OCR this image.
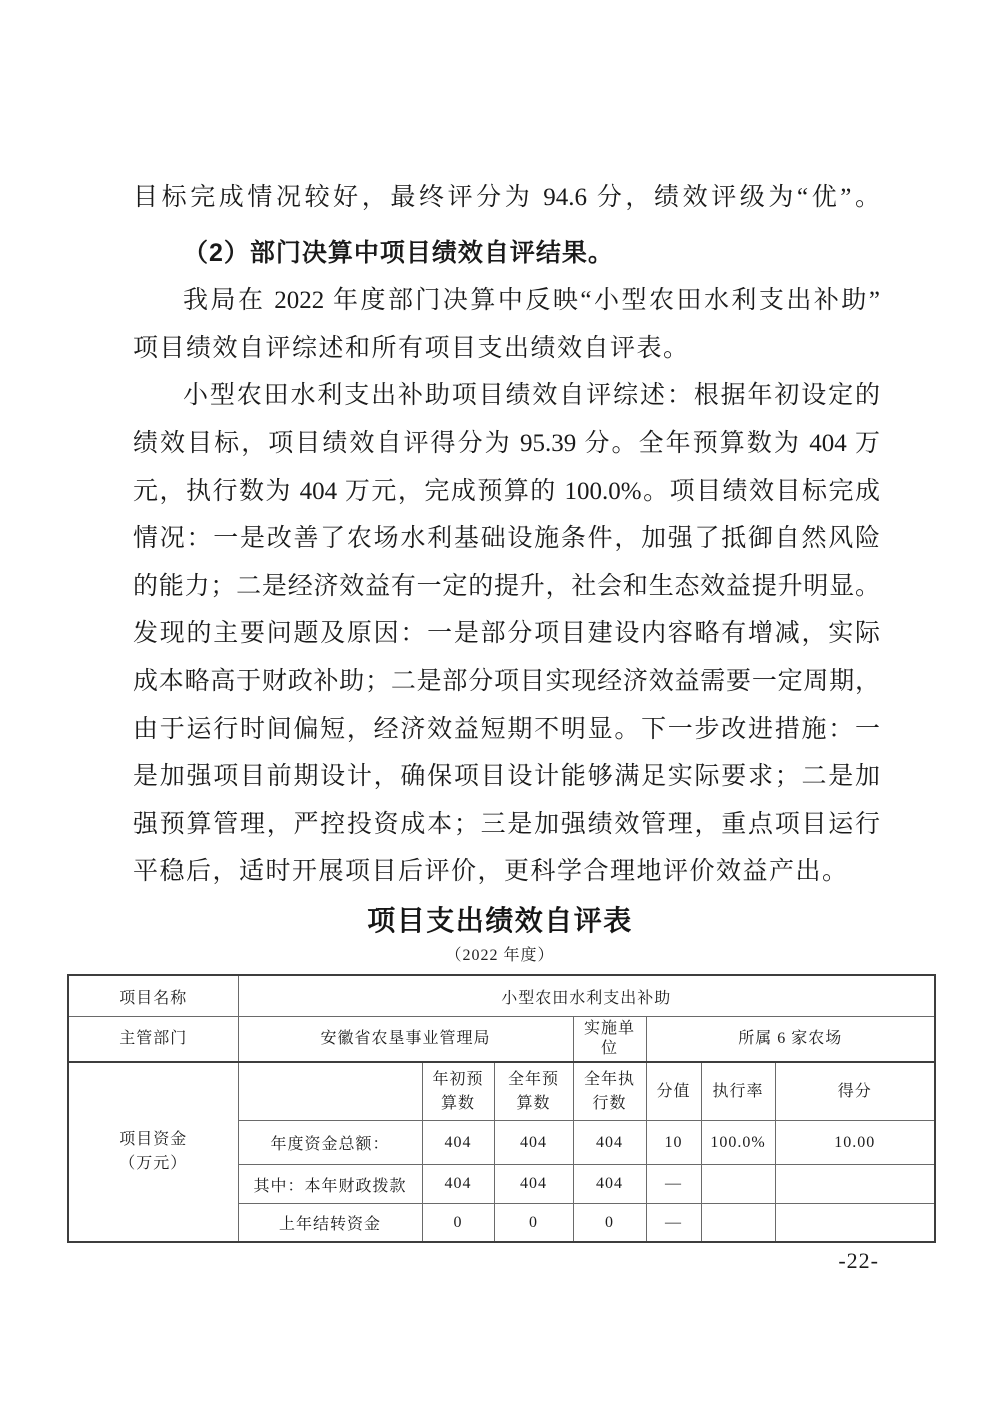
目标完成情况较好，最终评分为 94.6 分，绩效评级为“优”。
（2）部门决算中项目绩效自评结果。
我局在 2022 年度部门决算中反映“小型农田水利支出补助”
项目绩效自评综述和所有项目支出绩效自评表。
小型农田水利支出补助项目绩效自评综述：根据年初设定的
绩效目标，项目绩效自评得分为 95.39 分。全年预算数为 404 万
元，执行数为 404 万元，完成预算的 100.0%。项目绩效目标完成
情况：一是改善了农场水利基础设施条件，加强了抵御自然风险
的能力；二是经济效益有一定的提升，社会和生态效益提升明显。
发现的主要问题及原因：一是部分项目建设内容略有增减，实际
成本略高于财政补助；二是部分项目实现经济效益需要一定周期，
由于运行时间偏短，经济效益短期不明显。下一步改进措施：一
是加强项目前期设计，确保项目设计能够满足实际要求；二是加
强预算管理，严控投资成本；三是加强绩效管理，重点项目运行
平稳后，适时开展项目后评价，更科学合理地评价效益产出。
项目支出绩效自评表
（2022 年度）
项目名称	小型农田水利支出补助						
主管部门	安徽省农垦事业管理局			实施单位	所属 6 家农场		

项目资金
（万元）		年初预算数	全年预算数	全年执行数	分值	执行率	得分
	年度资金总额：	404	404	404	10	100.0%	10.00
	其中：本年财政拨款	404	404	404	—		
	上年结转资金	0	0	0	—		
-22-
